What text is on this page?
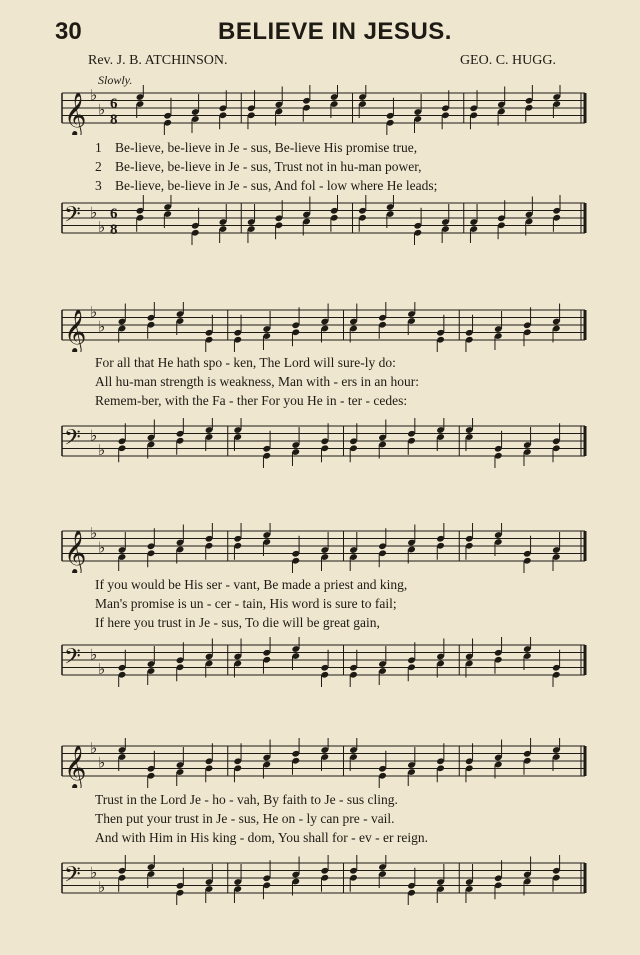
30	BELIEVE IN JESUS.
Rev. J. B. ATCHINSON.	GEO. C. HUGG.
Slowly.
𝄞 ♭
♭ 6
8
1 Be-lieve, be-lieve in Je - sus, Be-lieve His promise true,
2 Be-lieve, be-lieve in Je - sus, Trust not in hu-man power,
3 Be-lieve, be-lieve in Je - sus, And fol - low where He leads;
𝄢 ♭
♭
6
8
𝄞 ♭
♭
For all that He hath spo - ken, The Lord will sure-ly do:
All hu-man strength is weakness, Man with - ers in an hour:
Remem-ber, with the Fa - ther For you He in - ter - cedes:
𝄢 ♭
♭
𝄞 ♭
♭
If you would be His ser - vant, Be made a priest and king,
Man's promise is un - cer - tain, His word is sure to fail;
If here you trust in Je - sus, To die will be great gain,
𝄢 ♭
♭
𝄞 ♭
♭
Trust in the Lord Je - ho - vah, By faith to Je - sus cling.
Then put your trust in Je - sus, He on - ly can pre - vail.
And with Him in His king - dom, You shall for - ev - er reign.
𝄢 ♭
♭
